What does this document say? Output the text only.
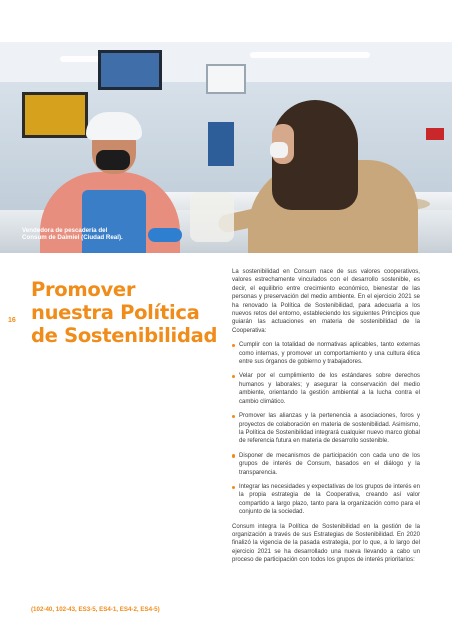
Vendedora de pescadería del Consum de Daimiel (Ciudad Real).
16
Promover
nuestra Política
de Sostenibilidad

La sostenibilidad en Consum nace de sus valores cooperativos, valores estrechamente vinculados con el desarrollo sostenible, es decir, el equilibrio entre crecimiento económico, bienestar de las personas y preservación del medio ambiente. En el ejercicio 2021 se ha renovado la Política de Sostenibilidad, para adecuarla a los nuevos retos del entorno, estableciendo los siguientes Principios que guiarán las actuaciones en materia de sostenibilidad de la Cooperativa:

Cumplir con la totalidad de normativas aplicables, tanto externas como internas, y promover un comportamiento y una cultura ética entre sus órganos de gobierno y trabajadores.
Velar por el cumplimiento de los estándares sobre derechos humanos y laborales; y asegurar la conservación del medio ambiente, orientando la gestión ambiental a la lucha contra el cambio climático.
Promover las alianzas y la pertenencia a asociaciones, foros y proyectos de colaboración en materia de sostenibilidad. Asimismo, la Política de Sostenibilidad integrará cualquier nuevo marco global de referencia futura en materia de desarrollo sostenible.
Disponer de mecanismos de participación con cada uno de los grupos de interés de Consum, basados en el diálogo y la transparencia.
Integrar las necesidades y expectativas de los grupos de interés en la propia estrategia de la Cooperativa, creando así valor compartido a largo plazo, tanto para la organización como para el conjunto de la sociedad.

Consum integra la Política de Sostenibilidad en la gestión de la organización a través de sus Estrategias de Sostenibilidad. En 2020 finalizó la vigencia de la pasada estrategia, por lo que, a lo largo del ejercicio 2021 se ha desarrollado una nueva llevando a cabo un proceso de participación con todos los grupos de interés prioritarios:

(102-40, 102-43, ES3-5, ES4-1, ES4-2, ES4-5)
